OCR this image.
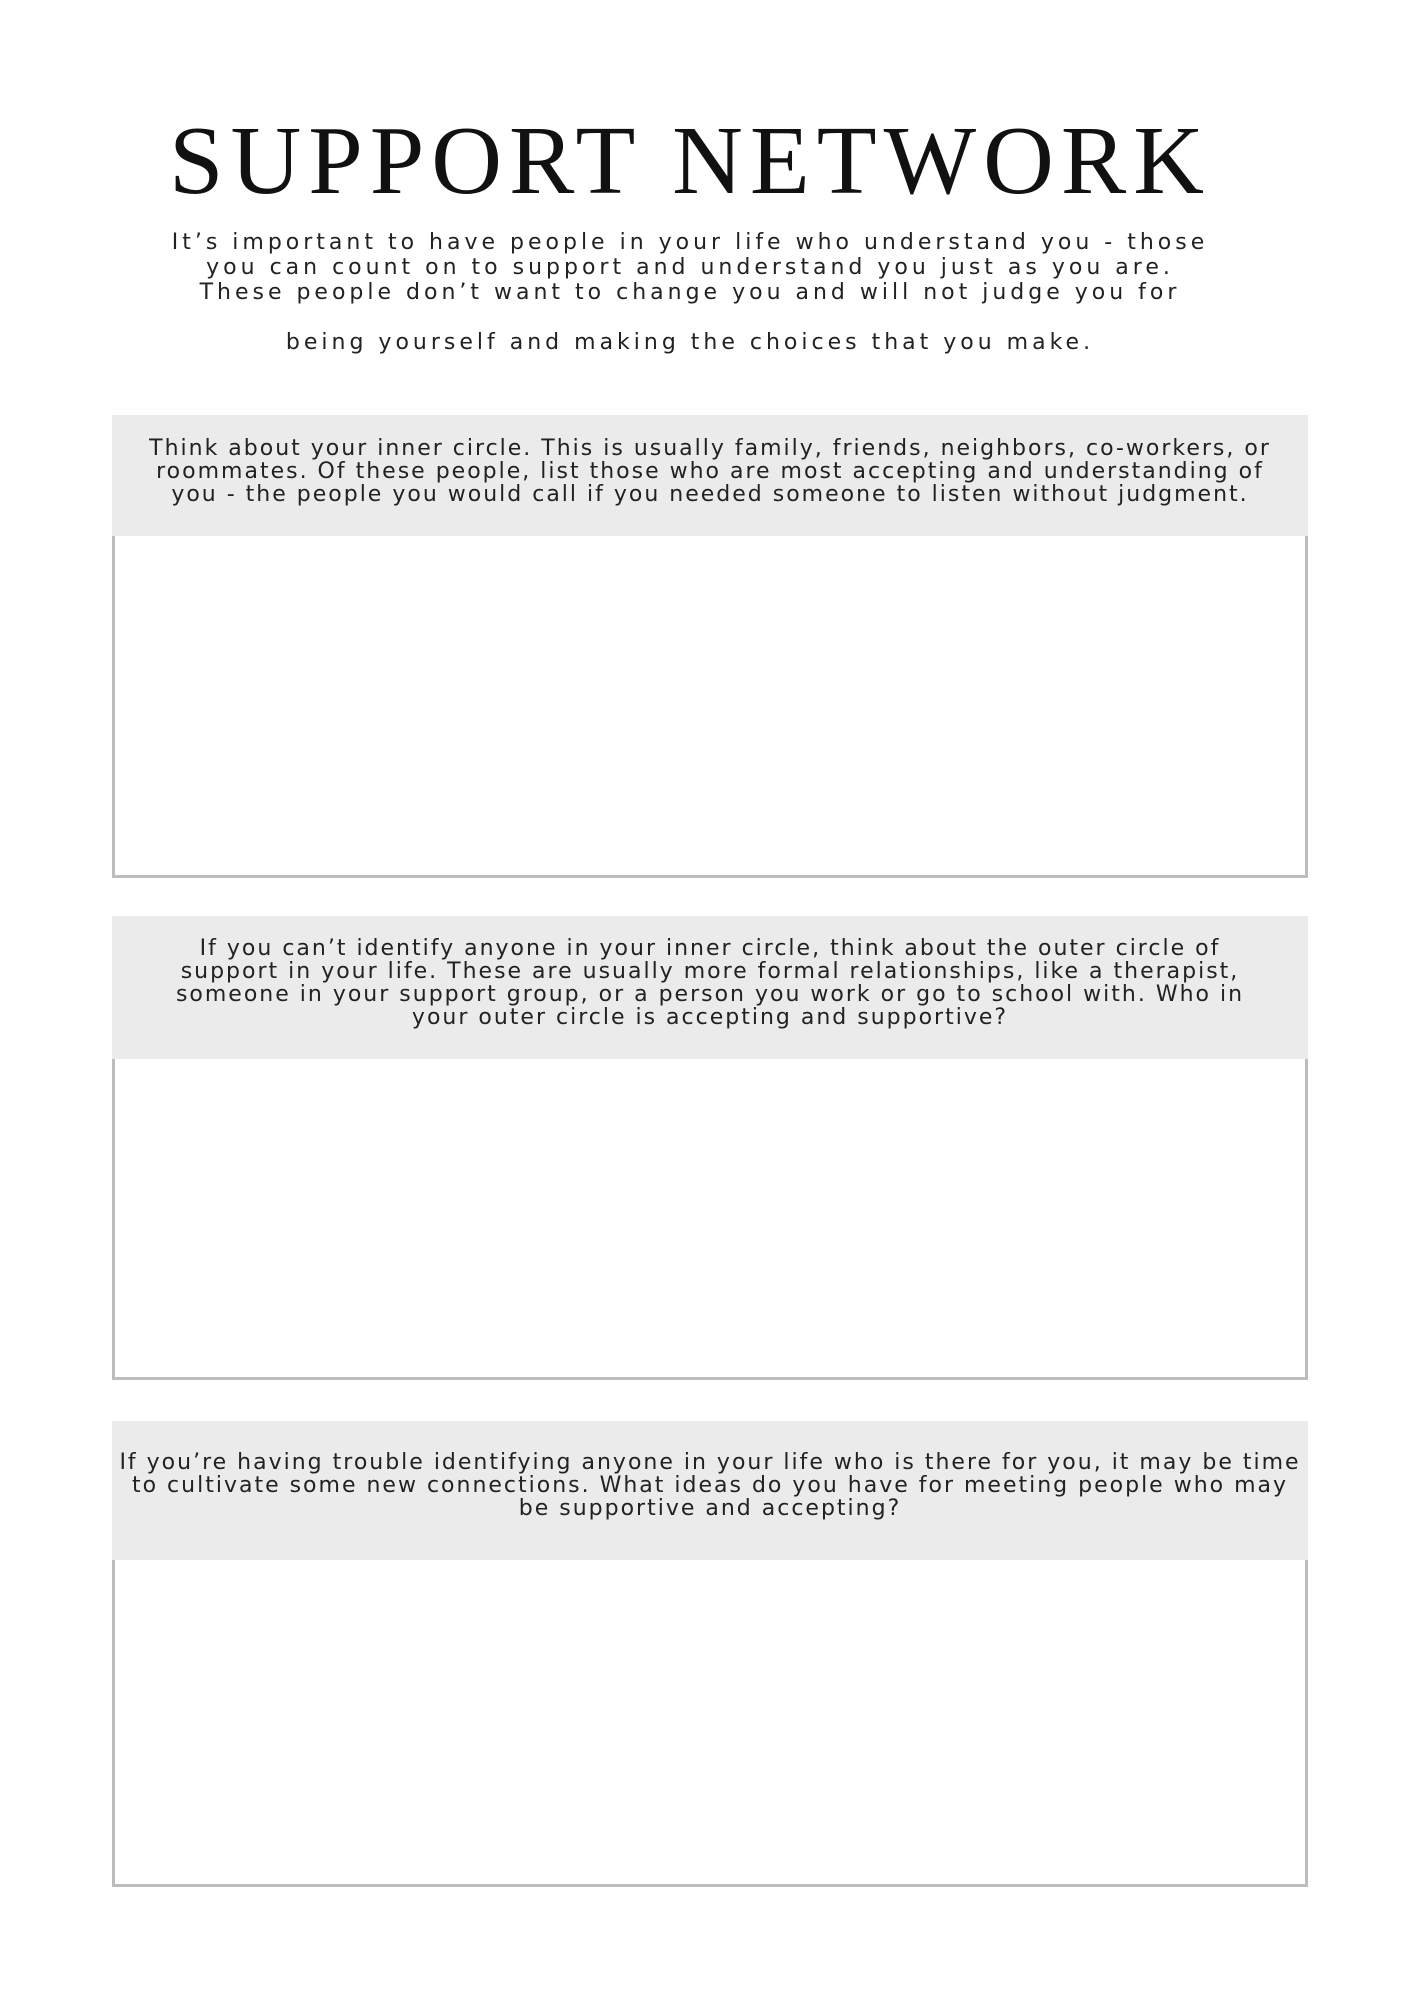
SUPPORT NETWORK
It’s important to have people in your life who understand you - those
you can count on to support and understand you just as you are.
These people don’t want to change you and will not judge you for
being yourself and making the choices that you make.
Think about your inner circle. This is usually family, friends, neighbors, co-workers, or
roommates. Of these people, list those who are most accepting and understanding of
you - the people you would call if you needed someone to listen without judgment.
If you can’t identify anyone in your inner circle, think about the outer circle of
support in your life. These are usually more formal relationships, like a therapist,
someone in your support group, or a person you work or go to school with. Who in
your outer circle is accepting and supportive?
If you’re having trouble identifying anyone in your life who is there for you, it may be time
to cultivate some new connections. What ideas do you have for meeting people who may
be supportive and accepting?
